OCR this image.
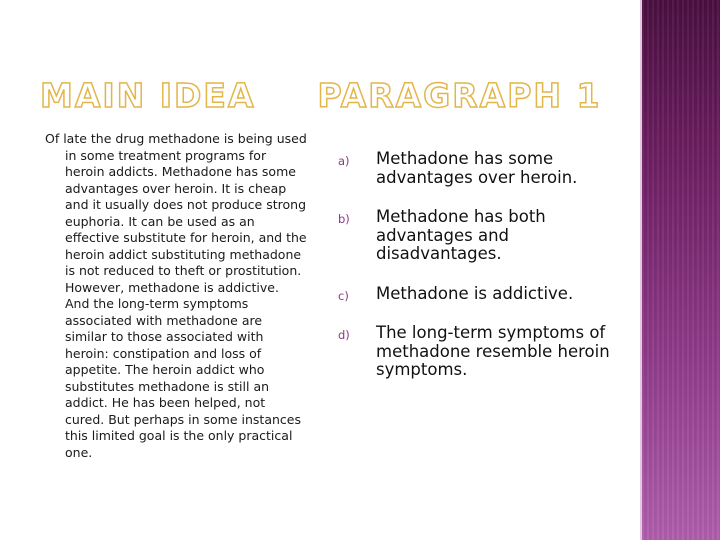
MAIN IDEA PARAGRAPH 1

Of late the drug methadone is being used in some treatment programs for heroin addicts. Methadone has some advantages over heroin. It is cheap and it usually does not produce strong euphoria. It can be used as an effective substitute for heroin, and the heroin addict substituting methadone is not reduced to theft or prostitution. However, methadone is addictive. And the long-term symptoms associated with methadone are similar to those associated with heroin: constipation and loss of appetite. The heroin addict who substitutes methadone is still an addict. He has been helped, not cured. But perhaps in some instances this limited goal is the only practical one.

a) Methadone has some advantages over heroin.
b) Methadone has both advantages and disadvantages.
c) Methadone is addictive.
d) The long-term symptoms of methadone resemble heroin symptoms.
